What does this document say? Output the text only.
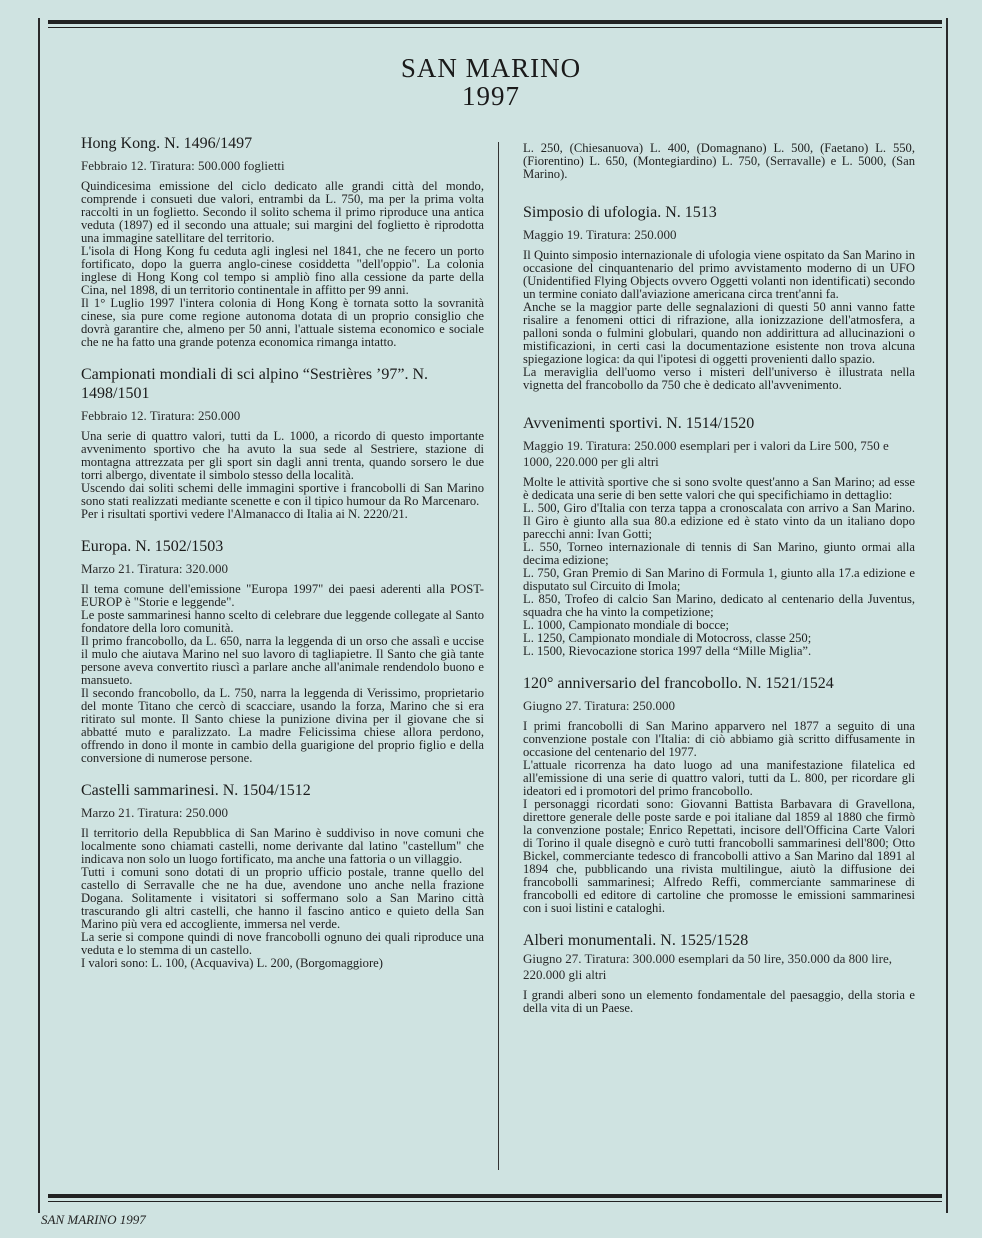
SAN MARINO
1997
Hong Kong. N. 1496/1497
Febbraio 12. Tiratura: 500.000 foglietti

Quindicesima emissione del ciclo dedicato alle grandi città del mondo, comprende i consueti due valori, entrambi da L. 750, ma per la prima volta raccolti in un foglietto. Secondo il solito schema il primo riproduce una antica veduta (1897) ed il secondo una attuale; sui margini del foglietto è riprodotta una immagine satellitare del territorio.

L'isola di Hong Kong fu ceduta agli inglesi nel 1841, che ne fecero un porto fortificato, dopo la guerra anglo-cinese cosiddetta "dell'oppio". La colonia inglese di Hong Kong col tempo si ampliò fino alla cessione da parte della Cina, nel 1898, di un territorio continentale in affitto per 99 anni.

Il 1° Luglio 1997 l'intera colonia di Hong Kong è tornata sotto la sovranità cinese, sia pure come regione autonoma dotata di un proprio consiglio che dovrà garantire che, almeno per 50 anni, l'attuale sistema economico e sociale che ne ha fatto una grande potenza economica rimanga intatto.

Campionati mondiali di sci alpino “Sestrières ’97”. N. 1498/1501
Febbraio 12. Tiratura: 250.000

Una serie di quattro valori, tutti da L. 1000, a ricordo di questo importante avvenimento sportivo che ha avuto la sua sede al Sestriere, stazione di montagna attrezzata per gli sport sin dagli anni trenta, quando sorsero le due torri albergo, diventate il simbolo stesso della località.

Uscendo dai soliti schemi delle immagini sportive i francobolli di San Marino sono stati realizzati mediante scenette e con il tipico humour da Ro Marcenaro.

Per i risultati sportivi vedere l'Almanacco di Italia ai N. 2220/21.

Europa. N. 1502/1503
Marzo 21. Tiratura: 320.000

Il tema comune dell'emissione "Europa 1997" dei paesi aderenti alla POST-EUROP è "Storie e leggende".

Le poste sammarinesi hanno scelto di celebrare due leggende collegate al Santo fondatore della loro comunità.

Il primo francobollo, da L. 650, narra la leggenda di un orso che assalì e uccise il mulo che aiutava Marino nel suo lavoro di tagliapietre. Il Santo che già tante persone aveva convertito riuscì a parlare anche all'animale rendendolo buono e mansueto.

Il secondo francobollo, da L. 750, narra la leggenda di Verissimo, proprietario del monte Titano che cercò di scacciare, usando la forza, Marino che si era ritirato sul monte. Il Santo chiese la punizione divina per il giovane che si abbatté muto e paralizzato. La madre Felicissima chiese allora perdono, offrendo in dono il monte in cambio della guarigione del proprio figlio e della conversione di numerose persone.

Castelli sammarinesi. N. 1504/1512
Marzo 21. Tiratura: 250.000

Il territorio della Repubblica di San Marino è suddiviso in nove comuni che localmente sono chiamati castelli, nome derivante dal latino "castellum" che indicava non solo un luogo fortificato, ma anche una fattoria o un villaggio.

Tutti i comuni sono dotati di un proprio ufficio postale, tranne quello del castello di Serravalle che ne ha due, avendone uno anche nella frazione Dogana. Solitamente i visitatori si soffermano solo a San Marino città trascurando gli altri castelli, che hanno il fascino antico e quieto della San Marino più vera ed accogliente, immersa nel verde.

La serie si compone quindi di nove francobolli ognuno dei quali riproduce una veduta e lo stemma di un castello.

I valori sono: L. 100, (Acquaviva) L. 200, (Borgomaggiore)

L. 250, (Chiesanuova) L. 400, (Domagnano) L. 500, (Faetano) L. 550, (Fiorentino) L. 650, (Montegiardino) L. 750, (Serravalle) e L. 5000, (San Marino).

Simposio di ufologia. N. 1513
Maggio 19. Tiratura: 250.000

Il Quinto simposio internazionale di ufologia viene ospitato da San Marino in occasione del cinquantenario del primo avvistamento moderno di un UFO (Unidentified Flying Objects ovvero Oggetti volanti non identificati) secondo un termine coniato dall'aviazione americana circa trent'anni fa.

Anche se la maggior parte delle segnalazioni di questi 50 anni vanno fatte risalire a fenomeni ottici di rifrazione, alla ionizzazione dell'atmosfera, a palloni sonda o fulmini globulari, quando non addirittura ad allucinazioni o mistificazioni, in certi casi la documentazione esistente non trova alcuna spiegazione logica: da qui l'ipotesi di oggetti provenienti dallo spazio.

La meraviglia dell'uomo verso i misteri dell'universo è illustrata nella vignetta del francobollo da 750 che è dedicato all'avvenimento.

Avvenimenti sportivi. N. 1514/1520
Maggio 19. Tiratura: 250.000 esemplari per i valori da Lire 500, 750 e 1000, 220.000 per gli altri

Molte le attività sportive che si sono svolte quest'anno a San Marino; ad esse è dedicata una serie di ben sette valori che qui specifichiamo in dettaglio:

L. 500, Giro d'Italia con terza tappa a cronoscalata con arrivo a San Marino. Il Giro è giunto alla sua 80.a edizione ed è stato vinto da un italiano dopo parecchi anni: Ivan Gotti;

L. 550, Torneo internazionale di tennis di San Marino, giunto ormai alla decima edizione;

L. 750, Gran Premio di San Marino di Formula 1, giunto alla 17.a edizione e disputato sul Circuito di Imola;

L. 850, Trofeo di calcio San Marino, dedicato al centenario della Juventus, squadra che ha vinto la competizione;

L. 1000, Campionato mondiale di bocce;

L. 1250, Campionato mondiale di Motocross, classe 250;

L. 1500, Rievocazione storica 1997 della “Mille Miglia”.

120° anniversario del francobollo. N. 1521/1524
Giugno 27. Tiratura: 250.000

I primi francobolli di San Marino apparvero nel 1877 a seguito di una convenzione postale con l'Italia: di ciò abbiamo già scritto diffusamente in occasione del centenario del 1977.

L'attuale ricorrenza ha dato luogo ad una manifestazione filatelica ed all'emissione di una serie di quattro valori, tutti da L. 800, per ricordare gli ideatori ed i promotori del primo francobollo.

I personaggi ricordati sono: Giovanni Battista Barbavara di Gravellona, direttore generale delle poste sarde e poi italiane dal 1859 al 1880 che firmò la convenzione postale; Enrico Repettati, incisore dell'Officina Carte Valori di Torino il quale disegnò e curò tutti francobolli sammarinesi dell'800; Otto Bickel, commerciante tedesco di francobolli attivo a San Marino dal 1891 al 1894 che, pubblicando una rivista multilingue, aiutò la diffusione dei francobolli sammarinesi; Alfredo Reffi, commerciante sammarinese di francobolli ed editore di cartoline che promosse le emissioni sammarinesi con i suoi listini e cataloghi.

Alberi monumentali. N. 1525/1528
Giugno 27. Tiratura: 300.000 esemplari da 50 lire, 350.000 da 800 lire, 220.000 gli altri

I grandi alberi sono un elemento fondamentale del paesaggio, della storia e della vita di un Paese.

SAN MARINO 1997
